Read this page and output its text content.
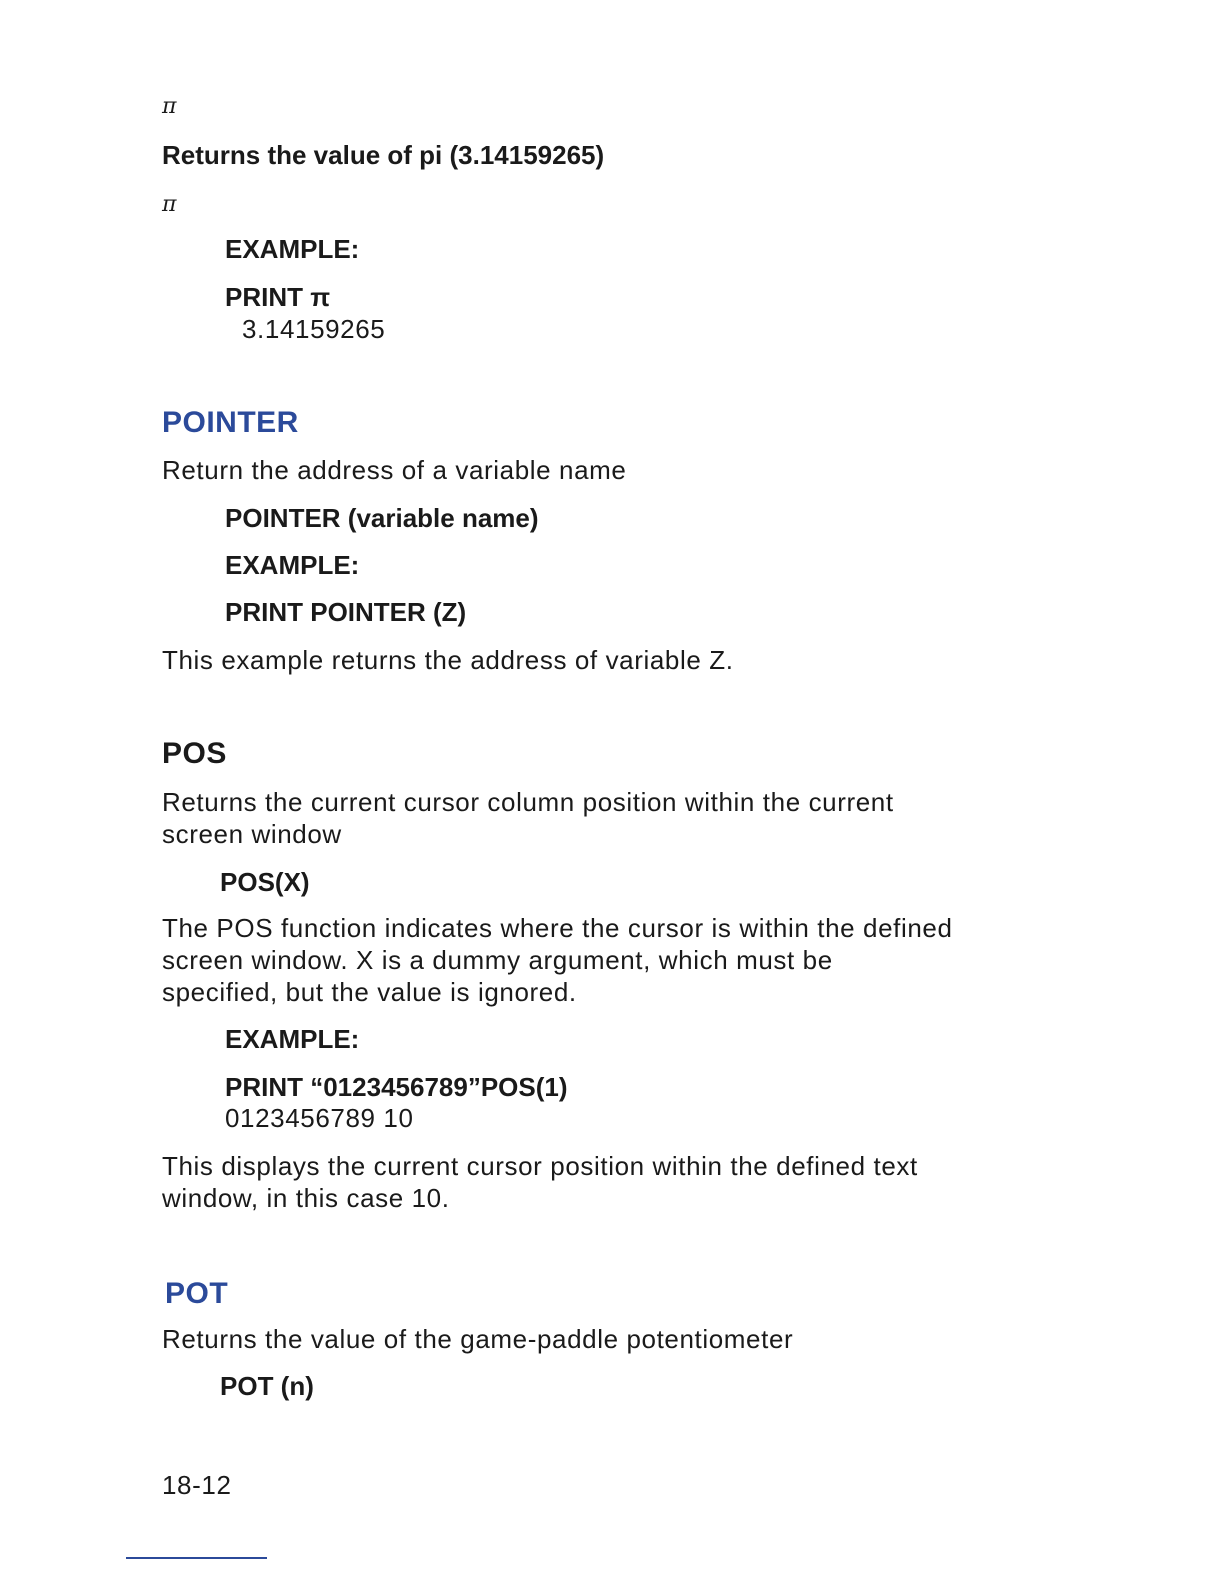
π
Returns the value of pi (3.14159265)
π
EXAMPLE:
PRINT π
3.14159265
POINTER
Return the address of a variable name
POINTER (variable name)
EXAMPLE:
PRINT POINTER (Z)
This example returns the address of variable Z.
POS
Returns the current cursor column position within the current
screen window
POS(X)
The POS function indicates where the cursor is within the defined
screen window. X is a dummy argument, which must be
specified, but the value is ignored.
EXAMPLE:
PRINT “0123456789”POS(1)
0123456789 10
This displays the current cursor position within the defined text
window, in this case 10.
POT
Returns the value of the game-paddle potentiometer
POT (n)
18-12
